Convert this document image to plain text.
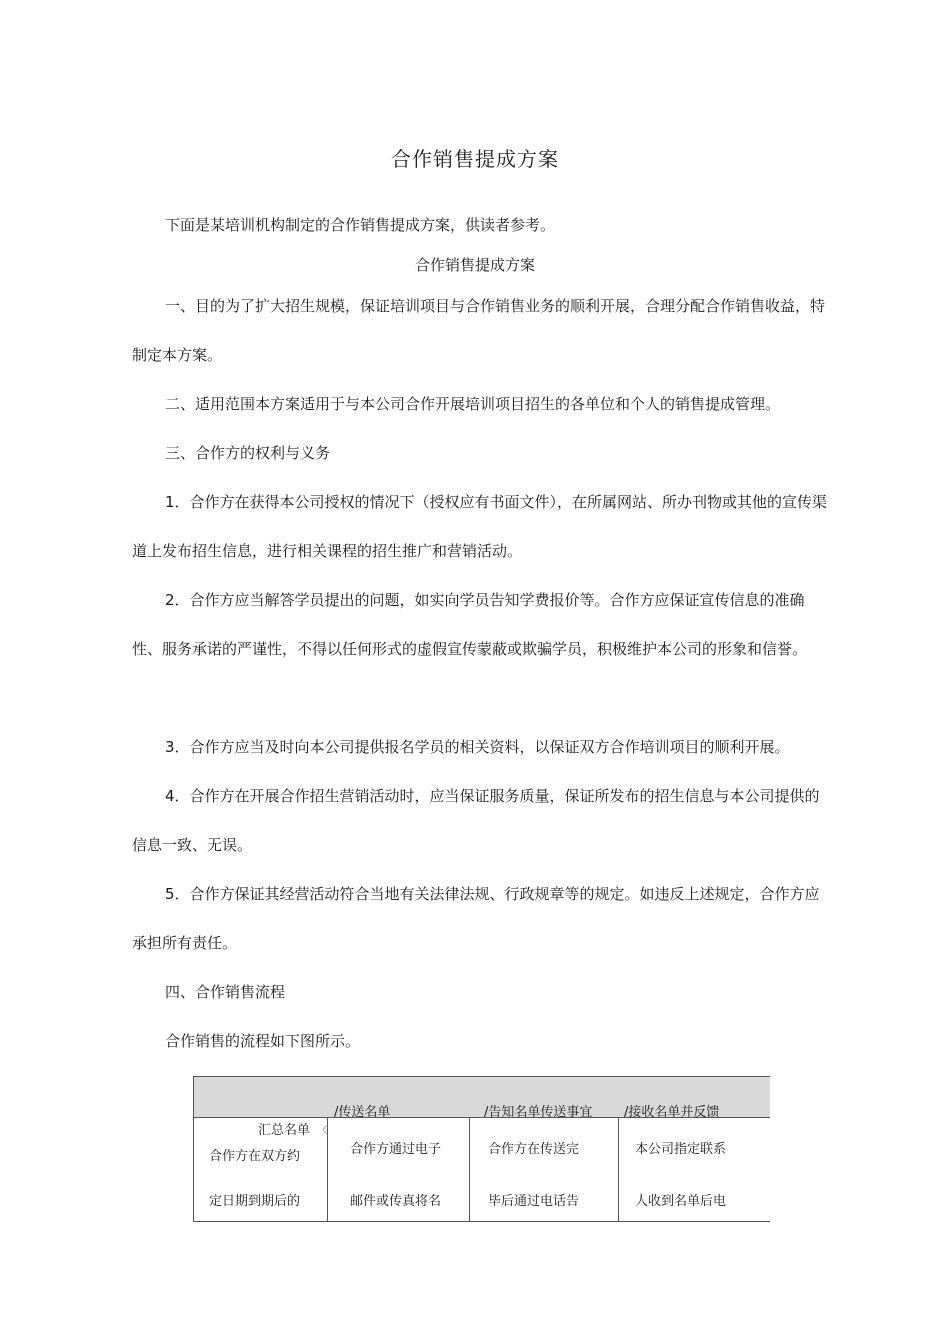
合作销售提成方案
下面是某培训机构制定的合作销售提成方案，供读者参考。
合作销售提成方案

一、目的为了扩大招生规模，保证培训项目与合作销售业务的顺利开展，合理分配合作销售收益，特制定本方案。

二、适用范围本方案适用于与本公司合作开展培训项目招生的各单位和个人的销售提成管理。

三、合作方的权利与义务

1．合作方在获得本公司授权的情况下（授权应有书面文件），在所属网站、所办刊物或其他的宣传渠道上发布招生信息，进行相关课程的招生推广和营销活动。

2．合作方应当解答学员提出的问题，如实向学员告知学费报价等。合作方应保证宣传信息的准确性、服务承诺的严谨性，不得以任何形式的虚假宣传蒙蔽或欺骗学员，积极维护本公司的形象和信誉。

3．合作方应当及时向本公司提供报名学员的相关资料，以保证双方合作培训项目的顺利开展。

4．合作方在开展合作招生营销活动时，应当保证服务质量，保证所发布的招生信息与本公司提供的信息一致、无误。

5．合作方保证其经营活动符合当地有关法律法规、行政规章等的规定。如违反上述规定，合作方应承担所有责任。

四、合作销售流程

合作销售的流程如下图所示。

/传送名单	/告知名单传送事宜 /接收名单并反馈
汇总名单 〈
合作方在双方约	合作方通过电子	合作方在传送完	本公司指定联系
定日期到期后的	邮件或传真将名	毕后通过电话告	人收到名单后电
